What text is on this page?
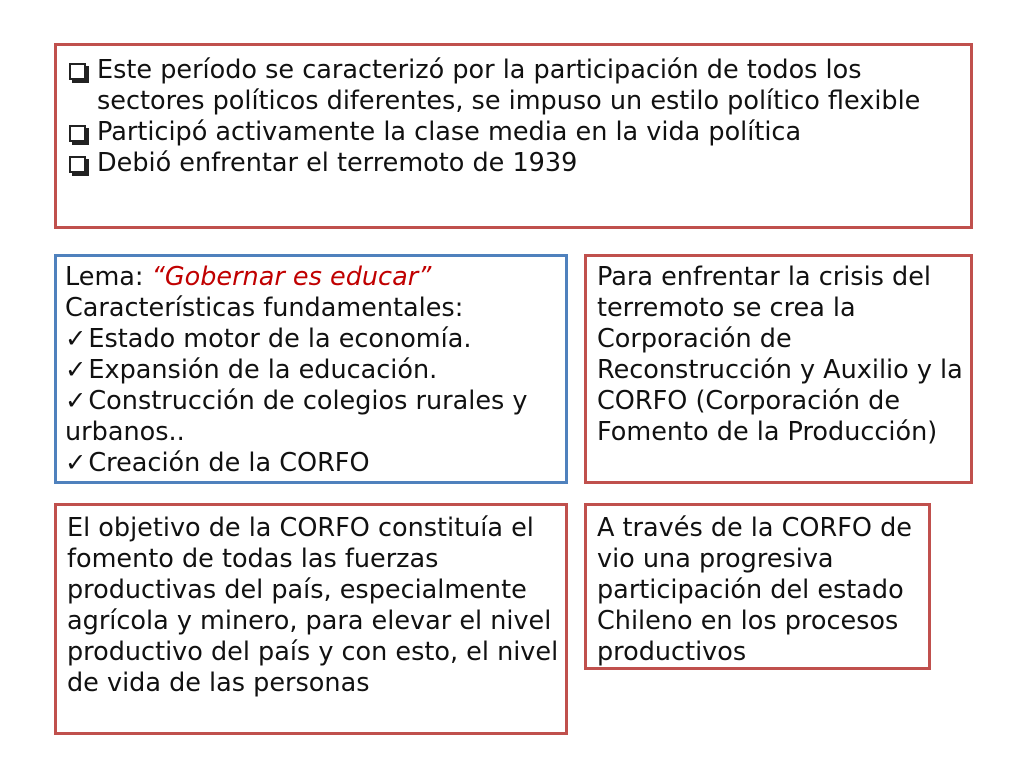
Este período se caracterizó por la participación de todos los sectores políticos diferentes, se impuso un estilo político flexible

Participó activamente la clase media en la vida política

Debió enfrentar el terremoto de 1939

Lema: “Gobernar es educar”

Características fundamentales:

✓Estado motor de la economía.

✓Expansión de la educación.

✓Construcción de colegios rurales y urbanos..

✓Creación de la CORFO

Para enfrentar la crisis del terremoto se crea la Corporación de Reconstrucción y Auxilio y la CORFO (Corporación de Fomento de la Producción)

El objetivo de la CORFO constituía el fomento de todas las fuerzas productivas del país, especialmente agrícola y minero, para elevar el nivel productivo del país y con esto, el nivel de vida de las personas

A través de la CORFO de vio una progresiva participación del estado Chileno en los procesos productivos
